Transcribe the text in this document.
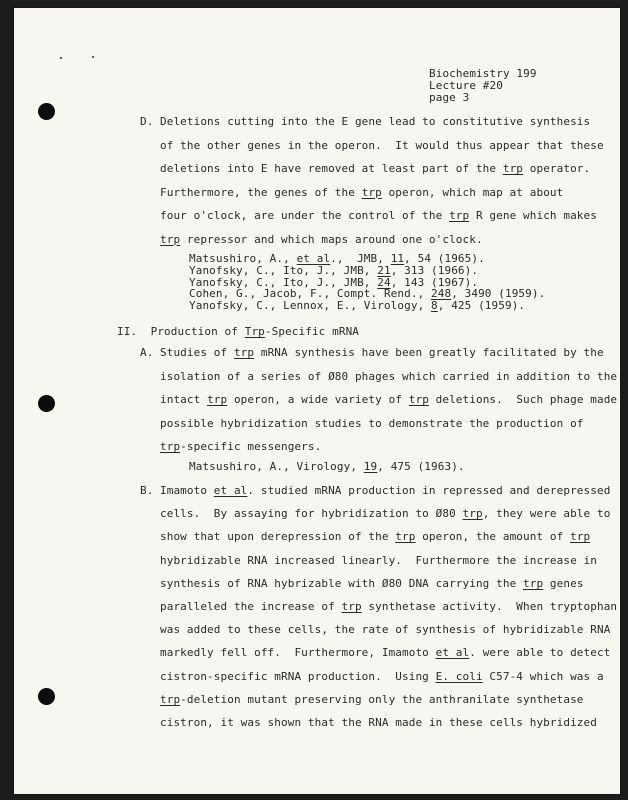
Biochemistry 199
Lecture #20
page 3
D. Deletions cutting into the E gene lead to constitutive synthesis
of the other genes in the operon.  It would thus appear that these
deletions into E have removed at least part of the trp operator.
Furthermore, the genes of the trp operon, which map at about
four o'clock, are under the control of the trp R gene which makes
trp repressor and which maps around one o'clock.
Matsushiro, A., et al.,  JMB, 11, 54 (1965).
Yanofsky, C., Ito, J., JMB, 21, 313 (1966).
Yanofsky, C., Ito, J., JMB, 24, 143 (1967).
Cohen, G., Jacob, F., Compt. Rend., 248, 3490 (1959).
Yanofsky, C., Lennox, E., Virology, 8, 425 (1959).
II.  Production of Trp-Specific mRNA
A. Studies of trp mRNA synthesis have been greatly facilitated by the
isolation of a series of Ø80 phages which carried in addition to the
intact trp operon, a wide variety of trp deletions.  Such phage made
possible hybridization studies to demonstrate the production of
trp-specific messengers.
Matsushiro, A., Virology, 19, 475 (1963).
B. Imamoto et al. studied mRNA production in repressed and derepressed
cells.  By assaying for hybridization to Ø80 trp, they were able to
show that upon derepression of the trp operon, the amount of trp
hybridizable RNA increased linearly.  Furthermore the increase in
synthesis of RNA hybrizable with Ø80 DNA carrying the trp genes
paralleled the increase of trp synthetase activity.  When tryptophan
was added to these cells, the rate of synthesis of hybridizable RNA
markedly fell off.  Furthermore, Imamoto et al. were able to detect
cistron-specific mRNA production.  Using E. coli C57-4 which was a
trp-deletion mutant preserving only the anthranilate synthetase
cistron, it was shown that the RNA made in these cells hybridized
